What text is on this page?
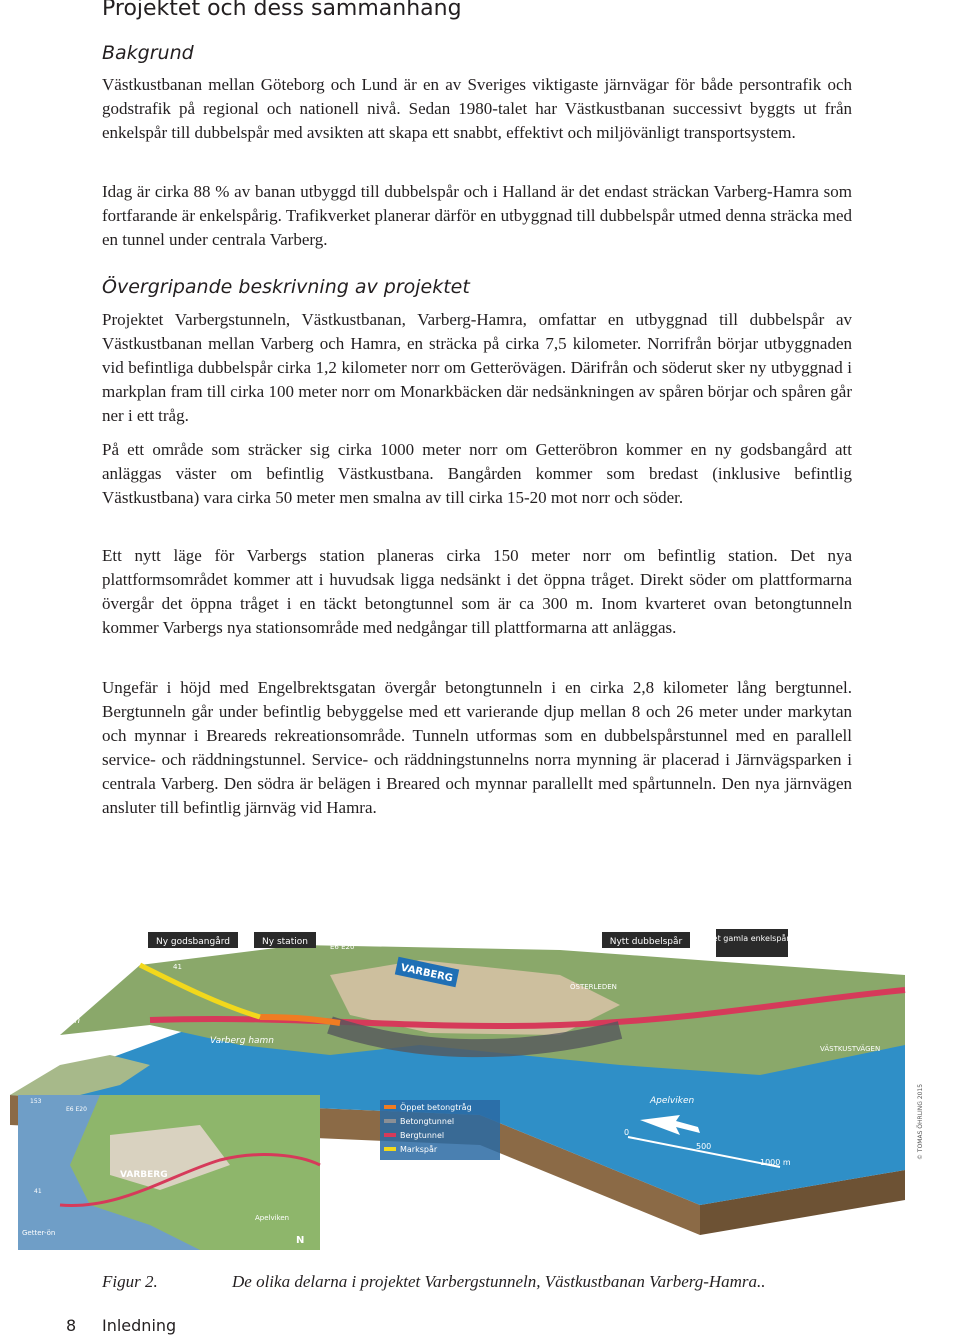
Projektet och dess sammanhang
Bakgrund

Västkustbanan mellan Göteborg och Lund är en av Sveriges viktigaste järnvägar för både persontrafik och godstrafik på regional och nationell nivå. Sedan 1980-talet har Västkustbanan successivt byggts ut från enkelspår till dubbelspår med avsikten att skapa ett snabbt, effektivt och miljövänligt transportsystem.

Idag är cirka 88 % av banan utbyggd till dubbelspår och i Halland är det endast sträckan Varberg-Hamra som fortfarande är enkelspårig. Trafikverket planerar därför en utbyggnad till dubbelspår utmed denna sträcka med en tunnel under centrala Varberg.

Övergripande beskrivning av projektet

Projektet Varbergstunneln, Västkustbanan, Varberg-Hamra, omfattar en utbyggnad till dubbelspår av Västkustbanan mellan Varberg och Hamra, en sträcka på cirka 7,5 kilometer. Norrifrån börjar utbyggnaden vid befintliga dubbelspår cirka 1,2 kilometer norr om Getterövägen. Därifrån och söderut sker ny utbyggnad i markplan fram till cirka 100 meter norr om Monarkbäcken där nedsänkningen av spåren börjar och spåren går ner i ett tråg.

På ett område som sträcker sig cirka 1000 meter norr om Getteröbron kommer en ny godsbangård att anläggas väster om befintlig Västkustbana. Bangården kommer som bredast (inklusive befintlig Västkustbana) vara cirka 50 meter men smalna av till cirka 15-20 mot norr och söder.

Ett nytt läge för Varbergs station planeras cirka 150 meter norr om befintlig station. Det nya plattformsområdet kommer att i huvudsak ligga nedsänkt i det öppna tråget. Direkt söder om plattformarna övergår det öppna tråget i en täckt betongtunnel som är ca 300 m. Inom kvarteret ovan betongtunneln kommer Varbergs nya stationsområde med nedgångar till plattformarna att anläggas.

Ungefär i höjd med Engelbrektsgatan övergår betongtunneln i en cirka 2,8 kilometer lång bergtunnel. Bergtunneln går under befintlig bebyggelse med ett varierande djup mellan 8 och 26 meter under markytan och mynnar i Breareds rekreationsområde. Tunneln utformas som en dubbelspårstunnel med en parallell service- och räddningstunnel. Service- och räddningstunnelns norra mynning är placerad i Järnvägsparken i centrala Varberg. Den södra är belägen i Breared och mynnar parallellt med spårtunneln. Den nya järnvägen ansluter till befintlig järnväg vid Hamra.

Ny godsbangård	Ny station	Nytt dubbelspår	Det gamla enkelspåret
VARBERG
Getterön
Varberg hamn
ÖSTERLEDEN
VÄSTKUSTVÄGEN
Apelviken
41
153
E6 E20
VARBERG
Apelviken
Getter-ön
153
E6 E20
41
N
Öppet betongtråg
Betongtunnel
Bergtunnel
Markspår
0
500
1000 m
© TOMAS ÖHRLING 2015
Figur 2.	De olika delarna i projektet Varbergstunneln, Västkustbanan Varberg-Hamra..
8 Inledning
